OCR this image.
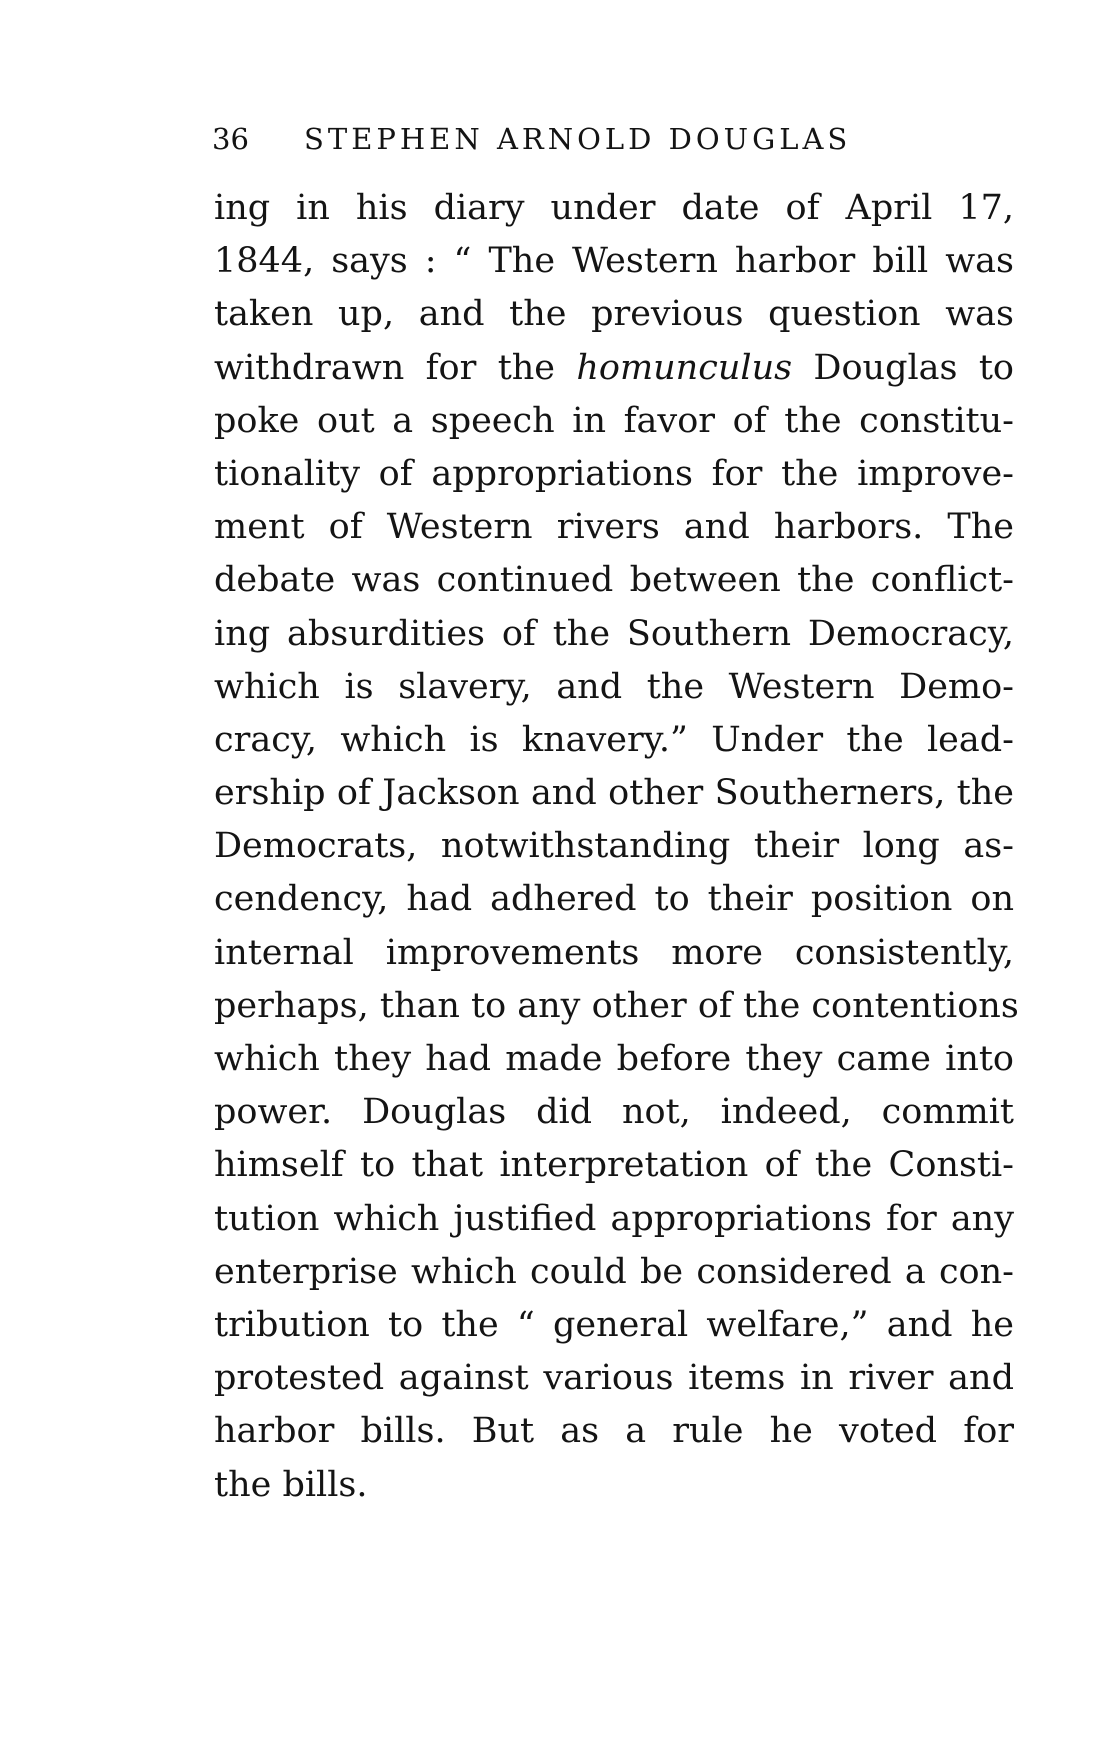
36 STEPHEN ARNOLD DOUGLAS
ing in his diary under date of April 17,
1844, says : “ The Western harbor bill was
taken up, and the previous question was
withdrawn for the homunculus Douglas to
poke out a speech in favor of the constitu-
tionality of appropriations for the improve-
ment of Western rivers and harbors. The
debate was continued between the conflict-
ing absurdities of the Southern Democracy,
which is slavery, and the Western Demo-
cracy, which is knavery.” Under the lead-
ership of Jackson and other Southerners, the
Democrats, notwithstanding their long as-
cendency, had adhered to their position on
internal improvements more consistently,
perhaps, than to any other of the contentions
which they had made before they came into
power. Douglas did not, indeed, commit
himself to that interpretation of the Consti-
tution which justified appropriations for any
enterprise which could be considered a con-
tribution to the “ general welfare,” and he
protested against various items in river and
harbor bills. But as a rule he voted for
the bills.
